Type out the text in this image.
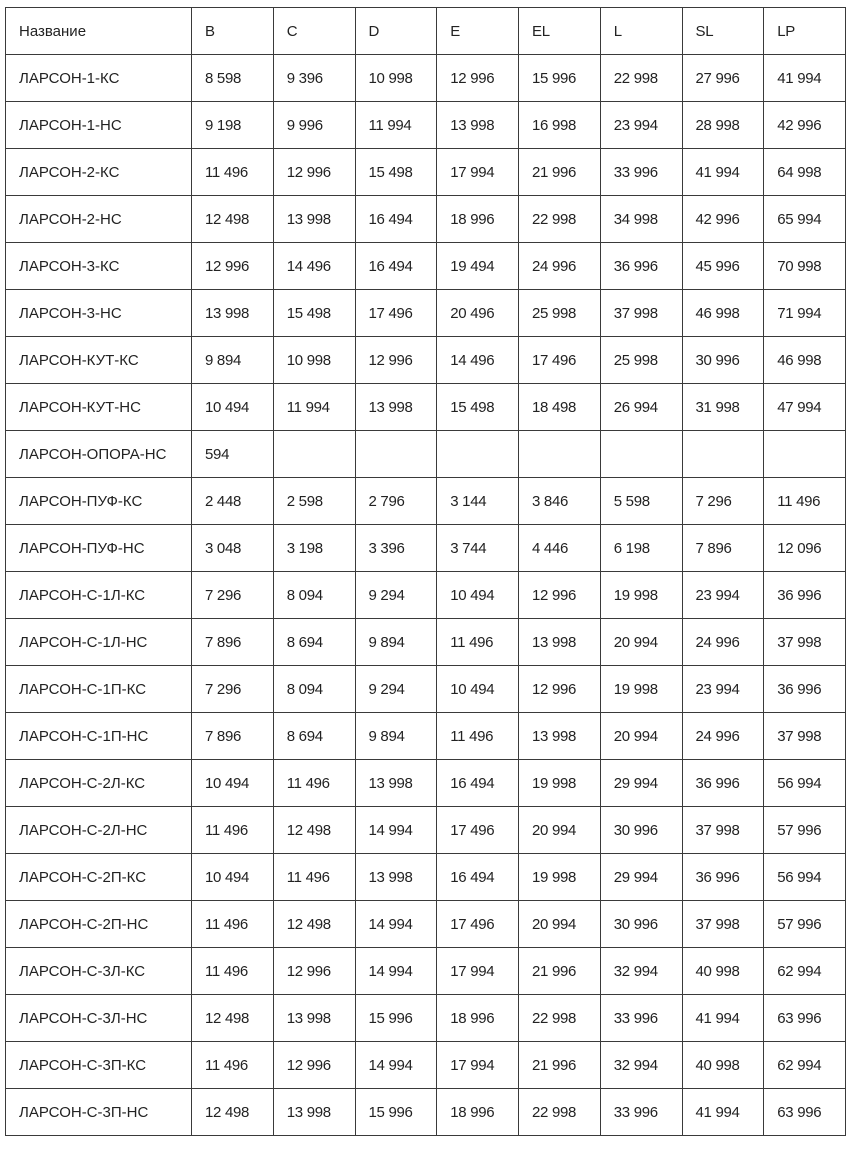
Название	B	C	D	E	EL	L	SL	LP
ЛАРСОН-1-КС	8 598	9 396	10 998	12 996	15 996	22 998	27 996	41 994
ЛАРСОН-1-НС	9 198	9 996	11 994	13 998	16 998	23 994	28 998	42 996
ЛАРСОН-2-КС	11 496	12 996	15 498	17 994	21 996	33 996	41 994	64 998
ЛАРСОН-2-НС	12 498	13 998	16 494	18 996	22 998	34 998	42 996	65 994
ЛАРСОН-3-КС	12 996	14 496	16 494	19 494	24 996	36 996	45 996	70 998
ЛАРСОН-3-НС	13 998	15 498	17 496	20 496	25 998	37 998	46 998	71 994
ЛАРСОН-КУТ-КС	9 894	10 998	12 996	14 496	17 496	25 998	30 996	46 998
ЛАРСОН-КУТ-НС	10 494	11 994	13 998	15 498	18 498	26 994	31 998	47 994
ЛАРСОН-ОПОРА-НС	594							
ЛАРСОН-ПУФ-КС	2 448	2 598	2 796	3 144	3 846	5 598	7 296	11 496
ЛАРСОН-ПУФ-НС	3 048	3 198	3 396	3 744	4 446	6 198	7 896	12 096
ЛАРСОН-С-1Л-КС	7 296	8 094	9 294	10 494	12 996	19 998	23 994	36 996
ЛАРСОН-С-1Л-НС	7 896	8 694	9 894	11 496	13 998	20 994	24 996	37 998
ЛАРСОН-С-1П-КС	7 296	8 094	9 294	10 494	12 996	19 998	23 994	36 996
ЛАРСОН-С-1П-НС	7 896	8 694	9 894	11 496	13 998	20 994	24 996	37 998
ЛАРСОН-С-2Л-КС	10 494	11 496	13 998	16 494	19 998	29 994	36 996	56 994
ЛАРСОН-С-2Л-НС	11 496	12 498	14 994	17 496	20 994	30 996	37 998	57 996
ЛАРСОН-С-2П-КС	10 494	11 496	13 998	16 494	19 998	29 994	36 996	56 994
ЛАРСОН-С-2П-НС	11 496	12 498	14 994	17 496	20 994	30 996	37 998	57 996
ЛАРСОН-С-3Л-КС	11 496	12 996	14 994	17 994	21 996	32 994	40 998	62 994
ЛАРСОН-С-3Л-НС	12 498	13 998	15 996	18 996	22 998	33 996	41 994	63 996
ЛАРСОН-С-3П-КС	11 496	12 996	14 994	17 994	21 996	32 994	40 998	62 994
ЛАРСОН-С-3П-НС	12 498	13 998	15 996	18 996	22 998	33 996	41 994	63 996
